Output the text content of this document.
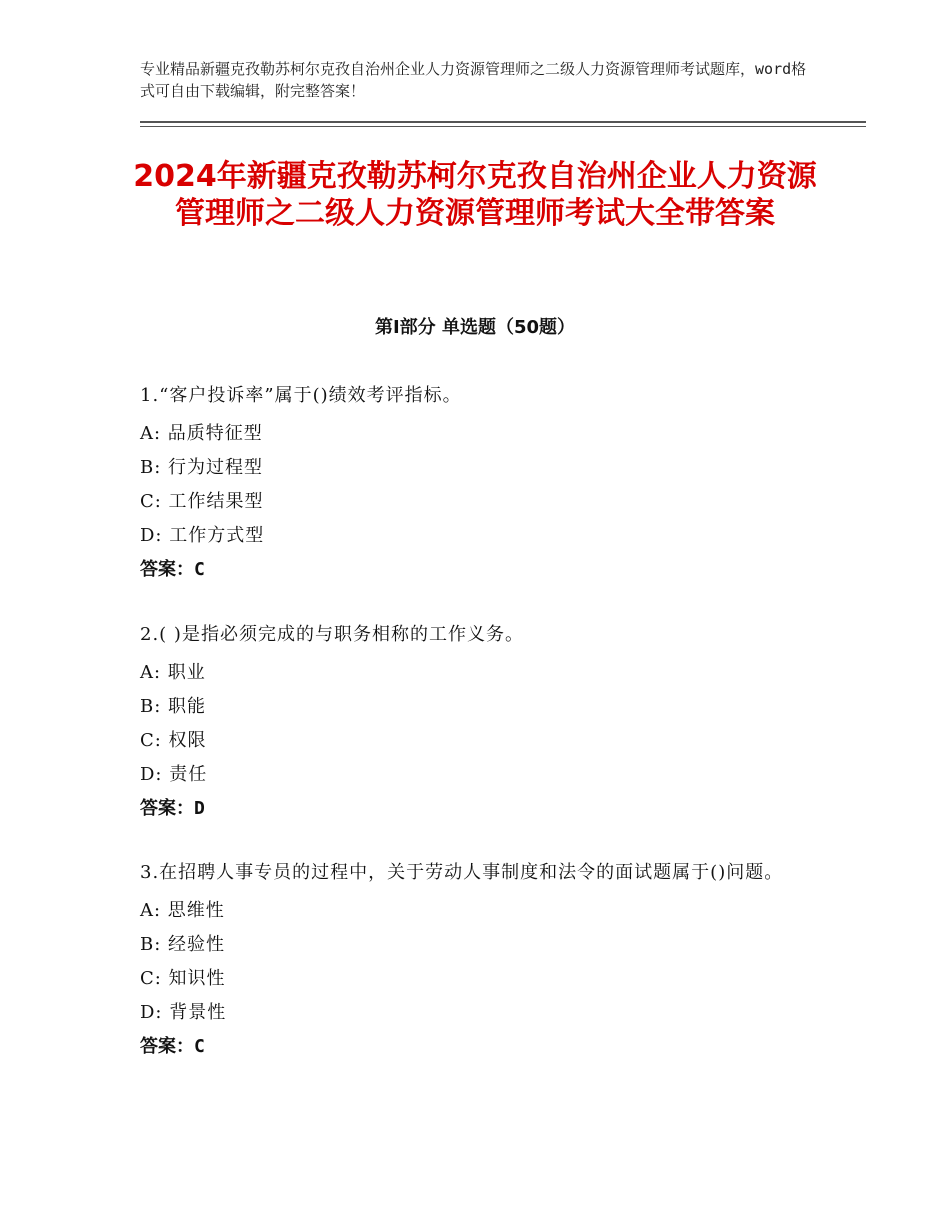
专业精品新疆克孜勒苏柯尔克孜自治州企业人力资源管理师之二级人力资源管理师考试题库，word格式可自由下载编辑，附完整答案！
2024年新疆克孜勒苏柯尔克孜自治州企业人力资源管理师之二级人力资源管理师考试大全带答案
第Ⅰ部分 单选题（50题）
1.“客户投诉率”属于()绩效考评指标。
A: 品质特征型
B: 行为过程型
C: 工作结果型
D: 工作方式型
答案：C
2.( )是指必须完成的与职务相称的工作义务。
A: 职业
B: 职能
C: 权限
D: 责任
答案：D
3.在招聘人事专员的过程中，关于劳动人事制度和法令的面试题属于()问题。
A: 思维性
B: 经验性
C: 知识性
D: 背景性
答案：C
